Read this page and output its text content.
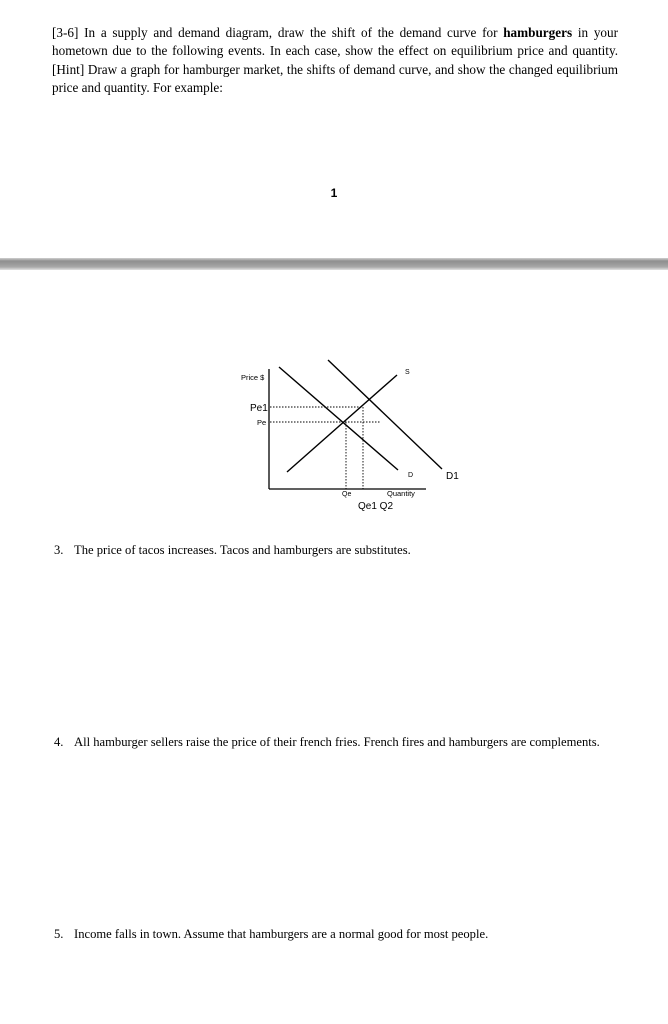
[3-6] In a supply and demand diagram, draw the shift of the demand curve for hamburgers in your hometown due to the following events. In each case, show the effect on equilibrium price and quantity. [Hint] Draw a graph for hamburger market, the shifts of demand curve, and show the changed equilibrium price and quantity. For example:
1
Price $
Pe1
Pe
S
D	D1
Qe	Quantity
Qe1 Q2
3. The price of tacos increases. Tacos and hamburgers are substitutes.
4. All hamburger sellers raise the price of their french fries. French fires and hamburgers are complements.
5. Income falls in town. Assume that hamburgers are a normal good for most people.
